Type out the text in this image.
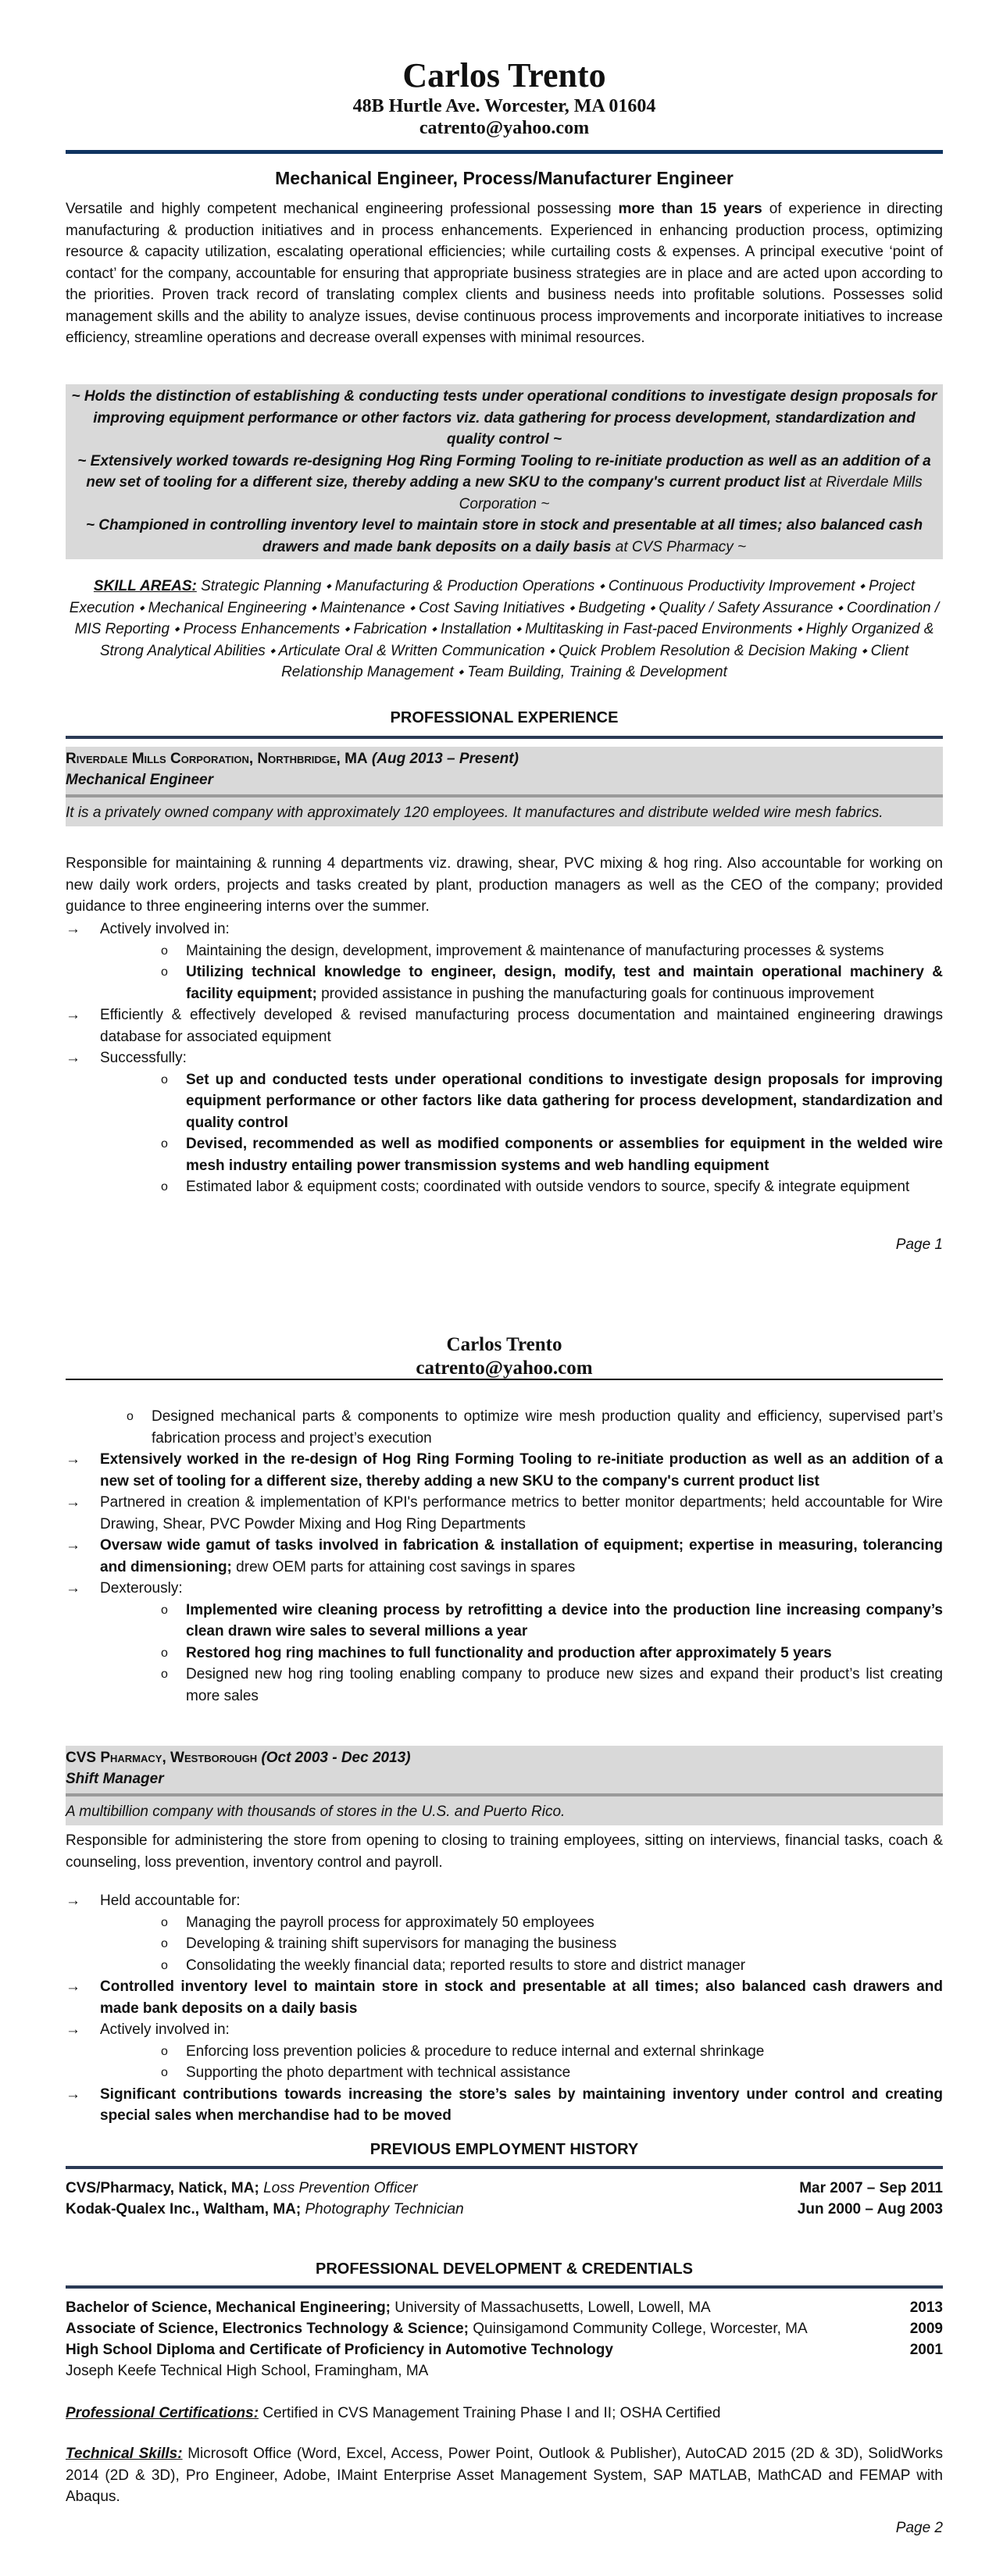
Carlos Trento
48B Hurtle Ave. Worcester, MA 01604
catrento@yahoo.com
Mechanical Engineer, Process/Manufacturer Engineer
Versatile and highly competent mechanical engineering professional possessing more than 15 years of experience in directing manufacturing & production initiatives and in process enhancements. Experienced in enhancing production process, optimizing resource & capacity utilization, escalating operational efficiencies; while curtailing costs & expenses. A principal executive ‘point of contact’ for the company, accountable for ensuring that appropriate business strategies are in place and are acted upon according to the priorities. Proven track record of translating complex clients and business needs into profitable solutions. Possesses solid management skills and the ability to analyze issues, devise continuous process improvements and incorporate initiatives to increase efficiency, streamline operations and decrease overall expenses with minimal resources.
~ Holds the distinction of establishing & conducting tests under operational conditions to investigate design proposals for improving equipment performance or other factors viz. data gathering for process development, standardization and quality control ~
~ Extensively worked towards re-designing Hog Ring Forming Tooling to re-initiate production as well as an addition of a new set of tooling for a different size, thereby adding a new SKU to the company's current product list at Riverdale Mills Corporation ~
~ Championed in controlling inventory level to maintain store in stock and presentable at all times; also balanced cash drawers and made bank deposits on a daily basis at CVS Pharmacy ~
SKILL AREAS: Strategic Planning ⬩ Manufacturing & Production Operations ⬩ Continuous Productivity Improvement ⬩ Project Execution ⬩ Mechanical Engineering ⬩ Maintenance ⬩ Cost Saving Initiatives ⬩ Budgeting ⬩ Quality / Safety Assurance ⬩ Coordination / MIS Reporting ⬩ Process Enhancements ⬩ Fabrication ⬩ Installation ⬩ Multitasking in Fast-paced Environments ⬩ Highly Organized & Strong Analytical Abilities ⬩ Articulate Oral & Written Communication ⬩ Quick Problem Resolution & Decision Making ⬩ Client Relationship Management ⬩ Team Building, Training & Development
PROFESSIONAL EXPERIENCE
Riverdale Mills Corporation, Northbridge, MA (Aug 2013 – Present)
Mechanical Engineer
It is a privately owned company with approximately 120 employees. It manufactures and distribute welded wire mesh fabrics.
Responsible for maintaining & running 4 departments viz. drawing, shear, PVC mixing & hog ring. Also accountable for working on new daily work orders, projects and tasks created by plant, production managers as well as the CEO of the company; provided guidance to three engineering interns over the summer.
→ Actively involved in:
o Maintaining the design, development, improvement & maintenance of manufacturing processes & systems
o Utilizing technical knowledge to engineer, design, modify, test and maintain operational machinery & facility equipment; provided assistance in pushing the manufacturing goals for continuous improvement
→ Efficiently & effectively developed & revised manufacturing process documentation and maintained engineering drawings database for associated equipment
→ Successfully:
o Set up and conducted tests under operational conditions to investigate design proposals for improving equipment performance or other factors like data gathering for process development, standardization and quality control
o Devised, recommended as well as modified components or assemblies for equipment in the welded wire mesh industry entailing power transmission systems and web handling equipment
o Estimated labor & equipment costs; coordinated with outside vendors to source, specify & integrate equipment
Page 1
Carlos Trento
catrento@yahoo.com
o Designed mechanical parts & components to optimize wire mesh production quality and efficiency, supervised part’s fabrication process and project’s execution
→ Extensively worked in the re-design of Hog Ring Forming Tooling to re-initiate production as well as an addition of a new set of tooling for a different size, thereby adding a new SKU to the company's current product list
→ Partnered in creation & implementation of KPI's performance metrics to better monitor departments; held accountable for Wire Drawing, Shear, PVC Powder Mixing and Hog Ring Departments
→ Oversaw wide gamut of tasks involved in fabrication & installation of equipment; expertise in measuring, tolerancing and dimensioning; drew OEM parts for attaining cost savings in spares
→ Dexterously:
o Implemented wire cleaning process by retrofitting a device into the production line increasing company’s clean drawn wire sales to several millions a year
o Restored hog ring machines to full functionality and production after approximately 5 years
o Designed new hog ring tooling enabling company to produce new sizes and expand their product’s list creating more sales
CVS Pharmacy, Westborough (Oct 2003 - Dec 2013)
Shift Manager
A multibillion company with thousands of stores in the U.S. and Puerto Rico.
Responsible for administering the store from opening to closing to training employees, sitting on interviews, financial tasks, coach & counseling, loss prevention, inventory control and payroll.
→ Held accountable for:
o Managing the payroll process for approximately 50 employees
o Developing & training shift supervisors for managing the business
o Consolidating the weekly financial data; reported results to store and district manager
→ Controlled inventory level to maintain store in stock and presentable at all times; also balanced cash drawers and made bank deposits on a daily basis
→ Actively involved in:
o Enforcing loss prevention policies & procedure to reduce internal and external shrinkage
o Supporting the photo department with technical assistance
→ Significant contributions towards increasing the store’s sales by maintaining inventory under control and creating special sales when merchandise had to be moved
PREVIOUS EMPLOYMENT HISTORY
CVS/Pharmacy, Natick, MA; Loss Prevention Officer	Mar 2007 – Sep 2011
Kodak-Qualex Inc., Waltham, MA; Photography Technician	Jun 2000 – Aug 2003
PROFESSIONAL DEVELOPMENT & CREDENTIALS
Bachelor of Science, Mechanical Engineering; University of Massachusetts, Lowell, Lowell, MA	2013
Associate of Science, Electronics Technology & Science; Quinsigamond Community College, Worcester, MA	2009
High School Diploma and Certificate of Proficiency in Automotive Technology	2001
Joseph Keefe Technical High School, Framingham, MA
Professional Certifications: Certified in CVS Management Training Phase I and II; OSHA Certified
Technical Skills: Microsoft Office (Word, Excel, Access, Power Point, Outlook & Publisher), AutoCAD 2015 (2D & 3D), SolidWorks 2014 (2D & 3D), Pro Engineer, Adobe, IMaint Enterprise Asset Management System, SAP MATLAB, MathCAD and FEMAP with Abaqus.
Page 2
